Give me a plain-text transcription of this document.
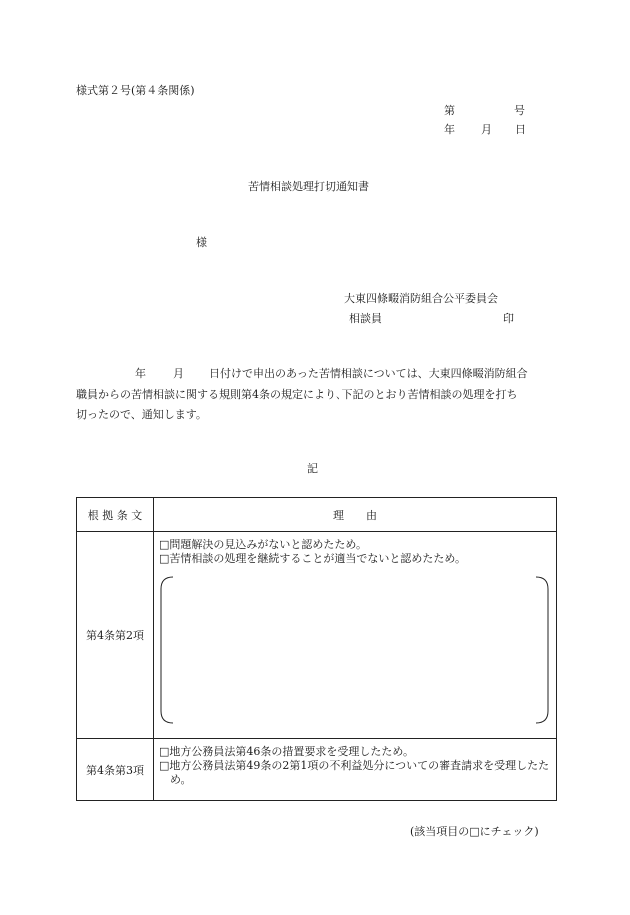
様式第２号(第４条関係)
第	号
年 月 日
苦情相談処理打切通知書
様
大東四條畷消防組合公平委員会
相談員	印
年 月 日付けで申出のあった苦情相談については、大東四條畷消防組合
職員からの苦情相談に関する規則第4条の規定により､下記のとおり苦情相談の処理を打ち
切ったので、通知します。
記
根 拠 条 文	理　　由
第4条第2項	□問題解決の見込みがないと認めたため。
□苦情相談の処理を継続することが適当でないと認めたため。

第4条第3項	□地方公務員法第46条の措置要求を受理したため。
□地方公務員法第49条の2第1項の不利益処分についての審査請求を受理したため。
(該当項目の□にチェック)
